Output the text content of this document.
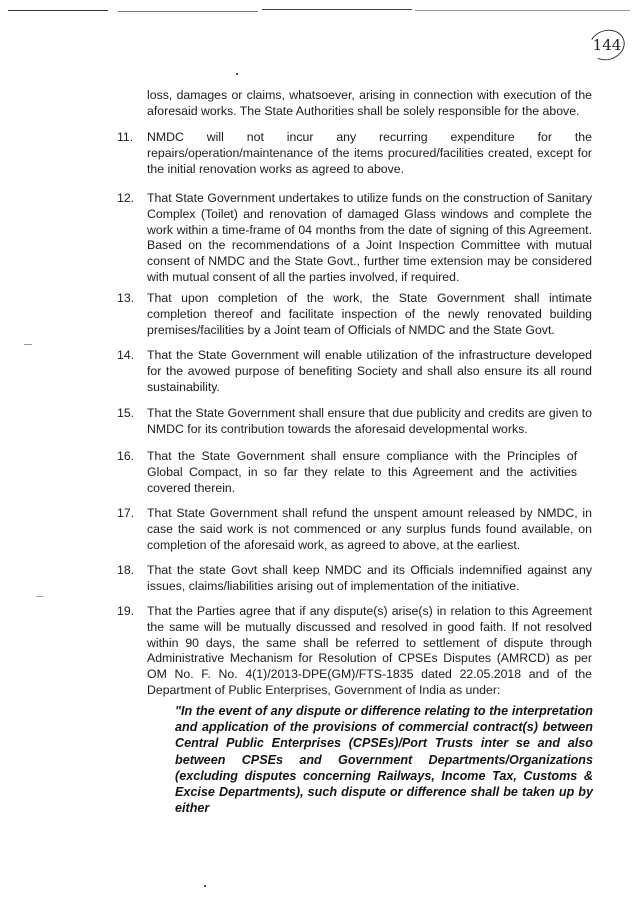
144
loss, damages or claims, whatsoever, arising in connection with execution of the aforesaid works. The State Authorities shall be solely responsible for the above.
11.	NMDC will not incur any recurring expenditure for the repairs/operation/maintenance of the items procured/facilities created, except for the initial renovation works as agreed to above.
12.	That State Government undertakes to utilize funds on the construction of Sanitary Complex (Toilet) and renovation of damaged Glass windows and complete the work within a time-frame of 04 months from the date of signing of this Agreement. Based on the recommendations of a Joint Inspection Committee with mutual consent of NMDC and the State Govt., further time extension may be considered with mutual consent of all the parties involved, if required.
13.	That upon completion of the work, the State Government shall intimate completion thereof and facilitate inspection of the newly renovated building premises/facilities by a Joint team of Officials of NMDC and the State Govt.
14.	That the State Government will enable utilization of the infrastructure developed for the avowed purpose of benefiting Society and shall also ensure its all round sustainability.
15.	That the State Government shall ensure that due publicity and credits are given to NMDC for its contribution towards the aforesaid developmental works.
16.	That the State Government shall ensure compliance with the Principles of Global Compact, in so far they relate to this Agreement and the activities covered therein.
17.	That State Government shall refund the unspent amount released by NMDC, in case the said work is not commenced or any surplus funds found available, on completion of the aforesaid work, as agreed to above, at the earliest.
18.	That the state Govt shall keep NMDC and its Officials indemnified against any issues, claims/liabilities arising out of implementation of the initiative.
19.	That the Parties agree that if any dispute(s) arise(s) in relation to this Agreement the same will be mutually discussed and resolved in good faith. If not resolved within 90 days, the same shall be referred to settlement of dispute through Administrative Mechanism for Resolution of CPSEs Disputes (AMRCD) as per OM No. F. No. 4(1)/2013-DPE(GM)/FTS-1835 dated 22.05.2018 and of the Department of Public Enterprises, Government of India as under:
"In the event of any dispute or difference relating to the interpretation and application of the provisions of commercial contract(s) between Central Public Enterprises (CPSEs)/Port Trusts inter se and also between CPSEs and Government Departments/Organizations (excluding disputes concerning Railways, Income Tax, Customs & Excise Departments), such dispute or difference shall be taken up by either
